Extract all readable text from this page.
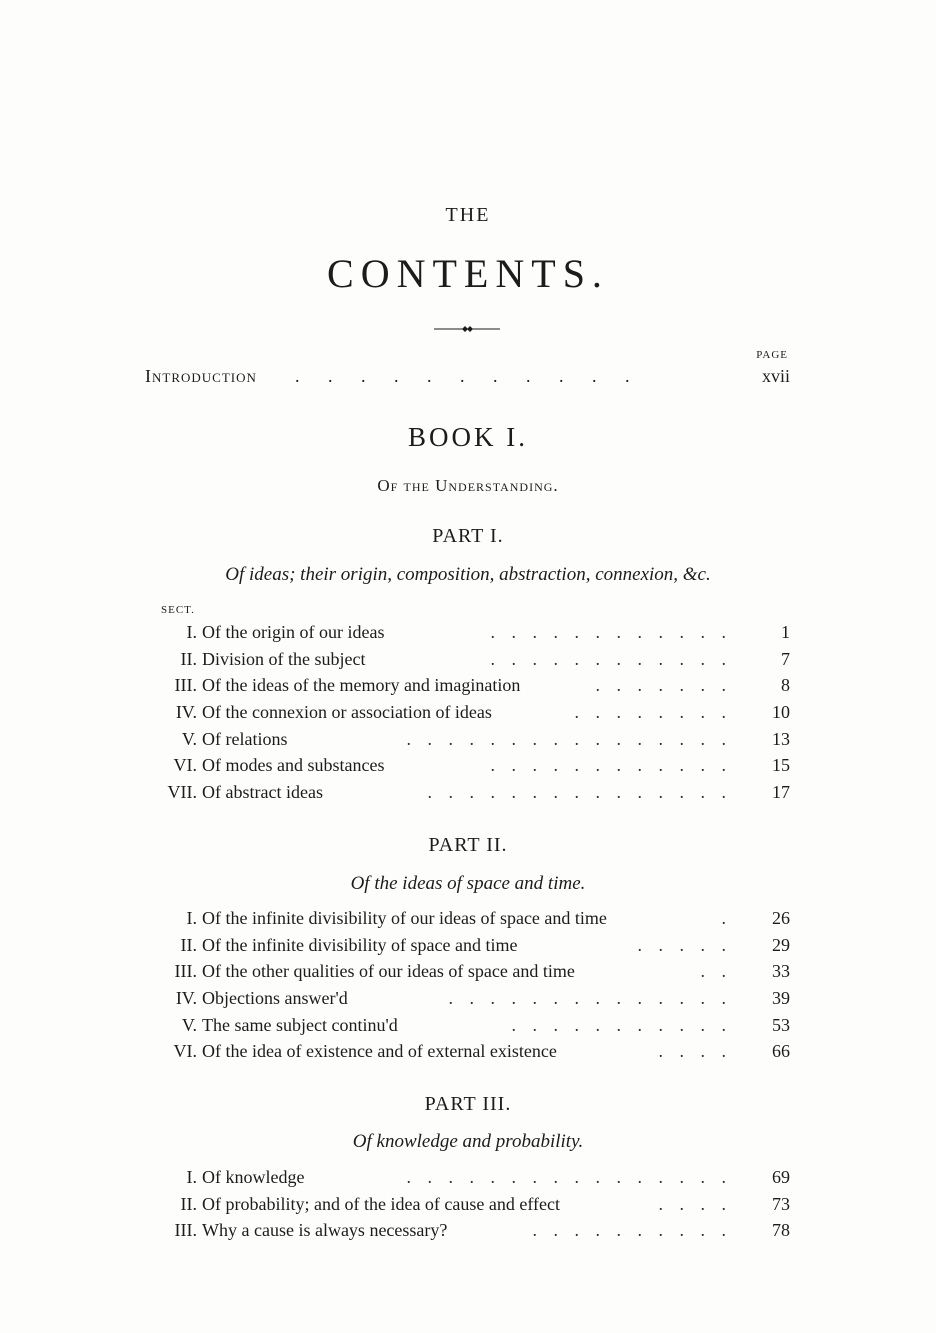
THE
CONTENTS.
PAGE
Introduction . . . . . . . . . . .	xvii
BOOK I.
Of the Understanding.
PART I.
Of ideas; their origin, composition, abstraction, connexion, &c.
SECT.
I. Of the origin of our ideas	. . . . . . . . . . . .	1
II. Division of the subject	. . . . . . . . . . . .	7
III. Of the ideas of the memory and imagination	. . . . . . .	8
IV. Of the connexion or association of ideas	. . . . . . . .	10
V. Of relations	. . . . . . . . . . . . . . . .	13
VI. Of modes and substances	. . . . . . . . . . . .	15
VII. Of abstract ideas	. . . . . . . . . . . . . . .	17
PART II.
Of the ideas of space and time.
I. Of the infinite divisibility of our ideas of space and time	.	26
II. Of the infinite divisibility of space and time	. . . . .	29
III. Of the other qualities of our ideas of space and time	. .	33
IV. Objections answer'd	. . . . . . . . . . . . . .	39
V. The same subject continu'd	. . . . . . . . . . .	53
VI. Of the idea of existence and of external existence	. . . .	66
PART III.
Of knowledge and probability.
I. Of knowledge	. . . . . . . . . . . . . . . .	69
II. Of probability; and of the idea of cause and effect	. . . .	73
III. Why a cause is always necessary?	. . . . . . . . . .	78
